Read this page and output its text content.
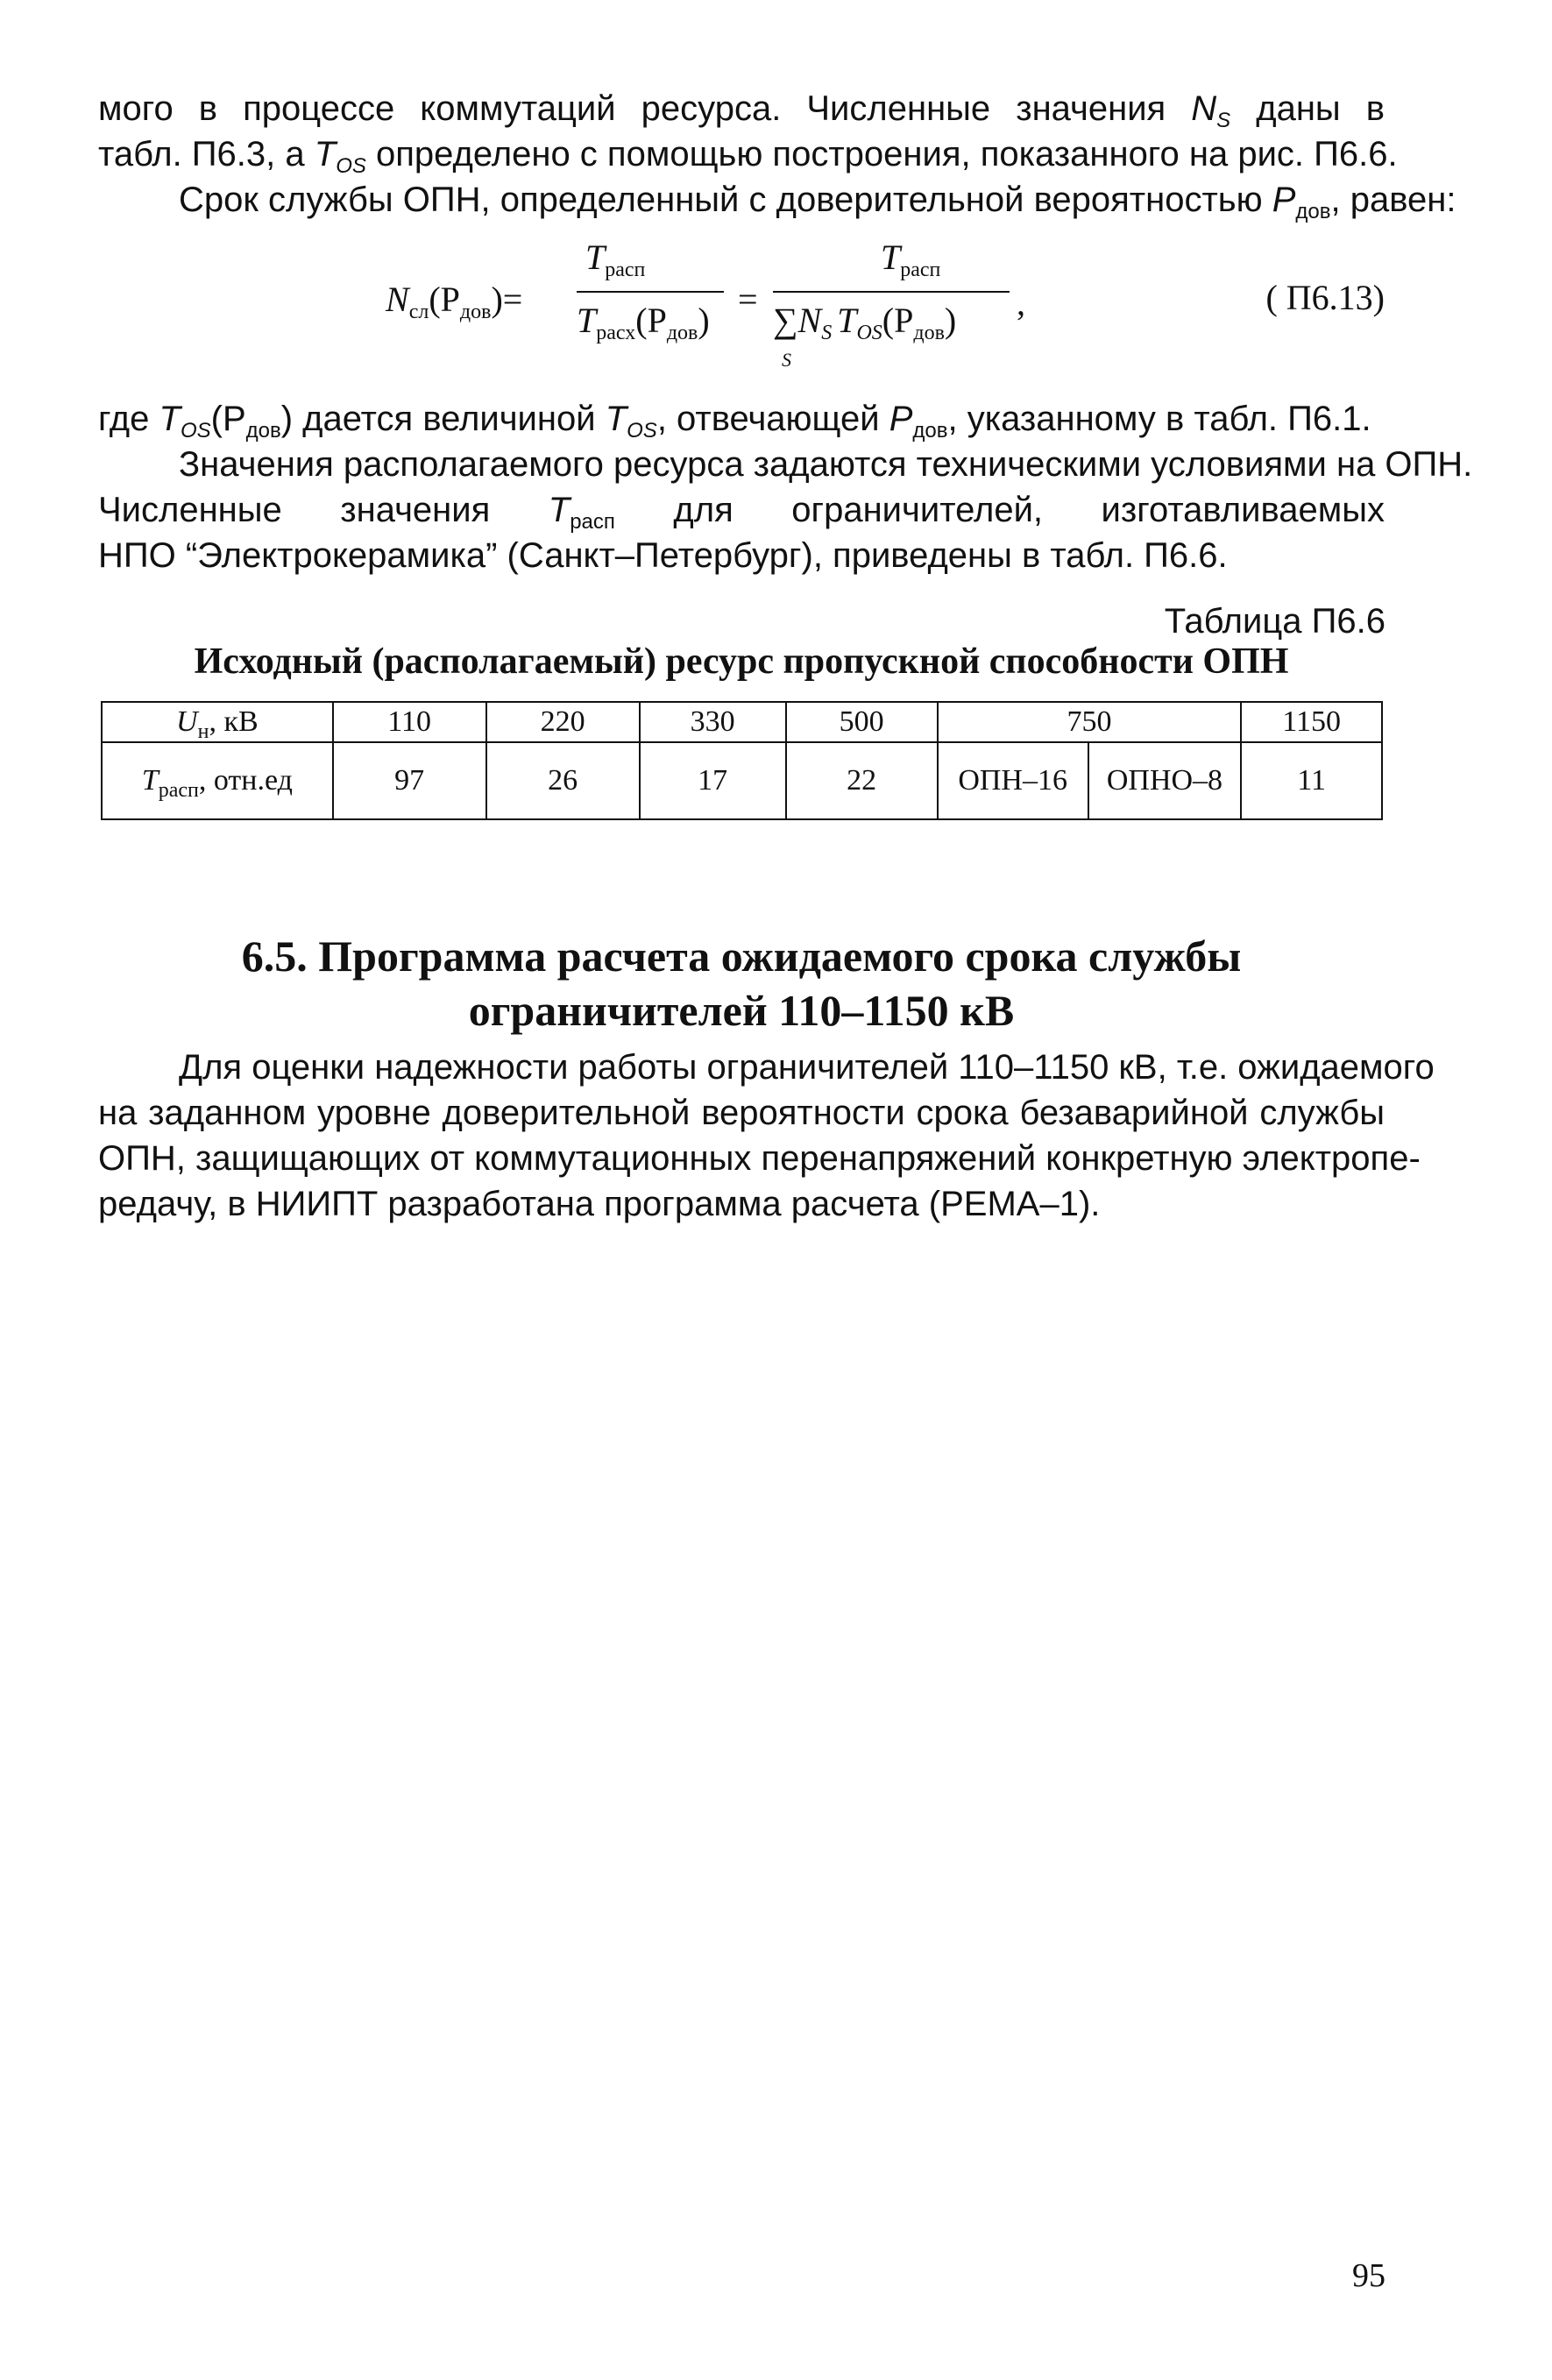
мого в процессе коммутаций ресурса. Численные значения $N_S$ даны в
табл. П6.3, а $T_{OS}$ определено с помощью построения, показанного на рис. П6.6.
Срок службы ОПН, определенный с доверительной вероятностью $P_{дов}$, равен:
$N_{сл}(P_{дов})=$
$T_{расп}$
$T_{расх}(P_{дов})$
=
$T_{расп}$
$\sum N_S$ $T_{OS}(P_{дов})$
S
,	( П6.13)
где $T_{OS}(P_{дов})$ дается величиной $T_{OS}$, отвечающей $P_{дов}$, указанному в табл. П6.1.
Значения располагаемого ресурса задаются техническими условиями на ОПН.
Численные значения $T_{расп}$ для ограничителей, изготавливаемых
НПО “Электрокерамика” (Санкт–Петербург), приведены в табл. П6.6.
Таблица П6.6
Исходный (располагаемый) ресурс пропускной способности ОПН
$U_н$, кВ	110	220	330	500	750		1150
$T_{расп}$, отн.ед	97	26	17	22	ОПН–16	ОПНО–8	11
6.5. Программа расчета ожидаемого срока службы
ограничителей 110–1150 кВ
Для оценки надежности работы ограничителей 110–1150 кВ, т.е. ожидаемого
на заданном уровне доверительной вероятности срока безаварийной службы
ОПН, защищающих от коммутационных перенапряжений конкретную электропе-
редачу, в НИИПТ разработана программа расчета (РЕМА–1).
95
